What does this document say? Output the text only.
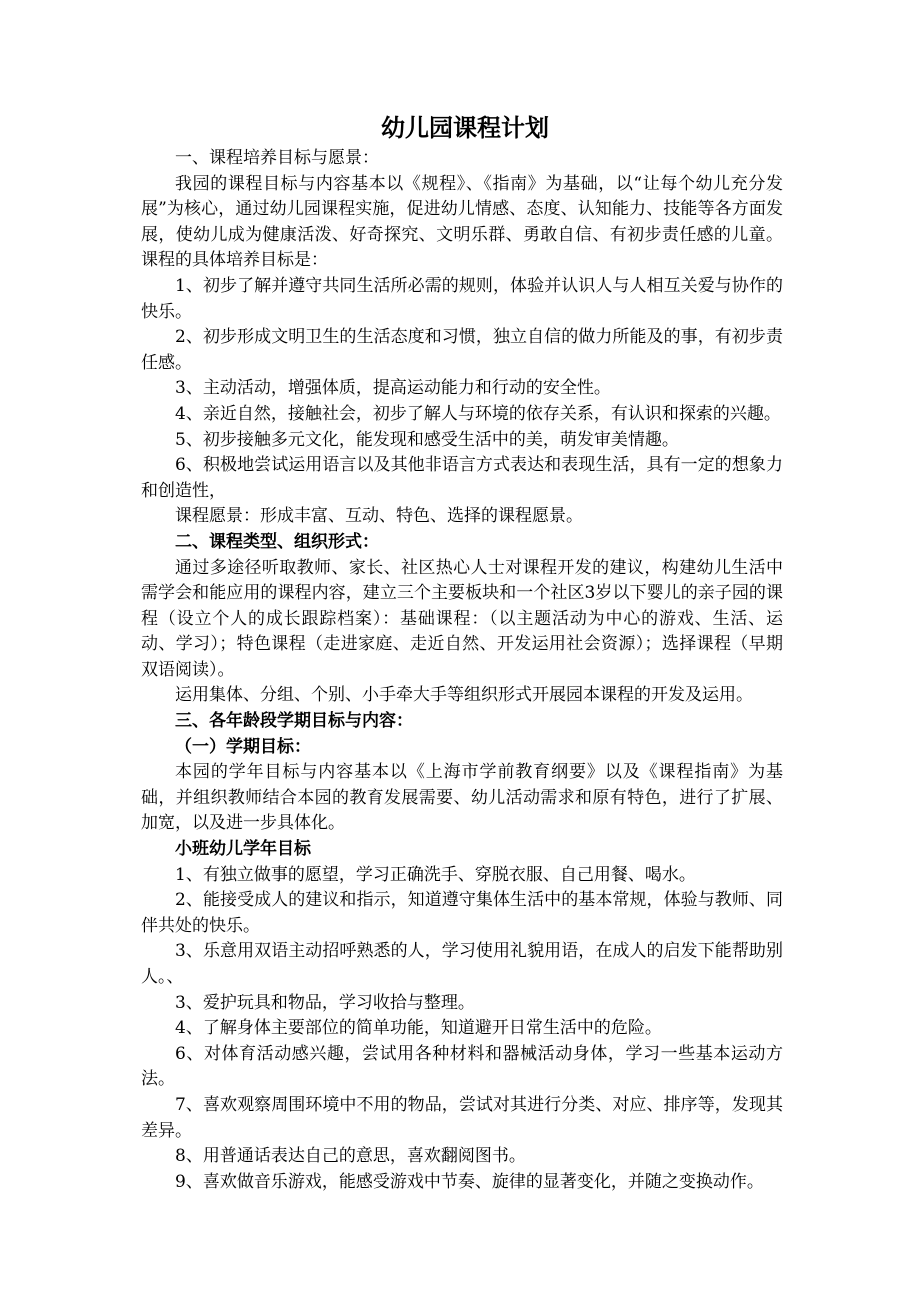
幼儿园课程计划

一、课程培养目标与愿景：

我园的课程目标与内容基本以《规程》、《指南》为基础，以“让每个幼儿充分发展”为核心，通过幼儿园课程实施，促进幼儿情感、态度、认知能力、技能等各方面发展，使幼儿成为健康活泼、好奇探究、文明乐群、勇敢自信、有初步责任感的儿童。课程的具体培养目标是：

1、初步了解并遵守共同生活所必需的规则，体验并认识人与人相互关爱与协作的快乐。

2、初步形成文明卫生的生活态度和习惯，独立自信的做力所能及的事，有初步责任感。

3、主动活动，增强体质，提高运动能力和行动的安全性。

4、亲近自然，接触社会，初步了解人与环境的依存关系，有认识和探索的兴趣。

5、初步接触多元文化，能发现和感受生活中的美，萌发审美情趣。

6、积极地尝试运用语言以及其他非语言方式表达和表现生活，具有一定的想象力和创造性，

课程愿景：形成丰富、互动、特色、选择的课程愿景。

二、课程类型、组织形式：

通过多途径听取教师、家长、社区热心人士对课程开发的建议，构建幼儿生活中需学会和能应用的课程内容，建立三个主要板块和一个社区3岁以下婴儿的亲子园的课程（设立个人的成长跟踪档案）：基础课程：（以主题活动为中心的游戏、生活、运动、学习）；特色课程（走进家庭、走近自然、开发运用社会资源）；选择课程（早期双语阅读）。

运用集体、分组、个别、小手牵大手等组织形式开展园本课程的开发及运用。

三、各年龄段学期目标与内容：

（一）学期目标：

本园的学年目标与内容基本以《上海市学前教育纲要》以及《课程指南》为基础，并组织教师结合本园的教育发展需要、幼儿活动需求和原有特色，进行了扩展、加宽，以及进一步具体化。

小班幼儿学年目标

1、有独立做事的愿望，学习正确洗手、穿脱衣服、自己用餐、喝水。

2、能接受成人的建议和指示，知道遵守集体生活中的基本常规，体验与教师、同伴共处的快乐。

3、乐意用双语主动招呼熟悉的人，学习使用礼貌用语，在成人的启发下能帮助别人。、

3、爱护玩具和物品，学习收拾与整理。

4、了解身体主要部位的简单功能，知道避开日常生活中的危险。

6、对体育活动感兴趣，尝试用各种材料和器械活动身体，学习一些基本运动方法。

7、喜欢观察周围环境中不用的物品，尝试对其进行分类、对应、排序等，发现其差异。

8、用普通话表达自己的意思，喜欢翻阅图书。

9、喜欢做音乐游戏，能感受游戏中节奏、旋律的显著变化，并随之变换动作。
